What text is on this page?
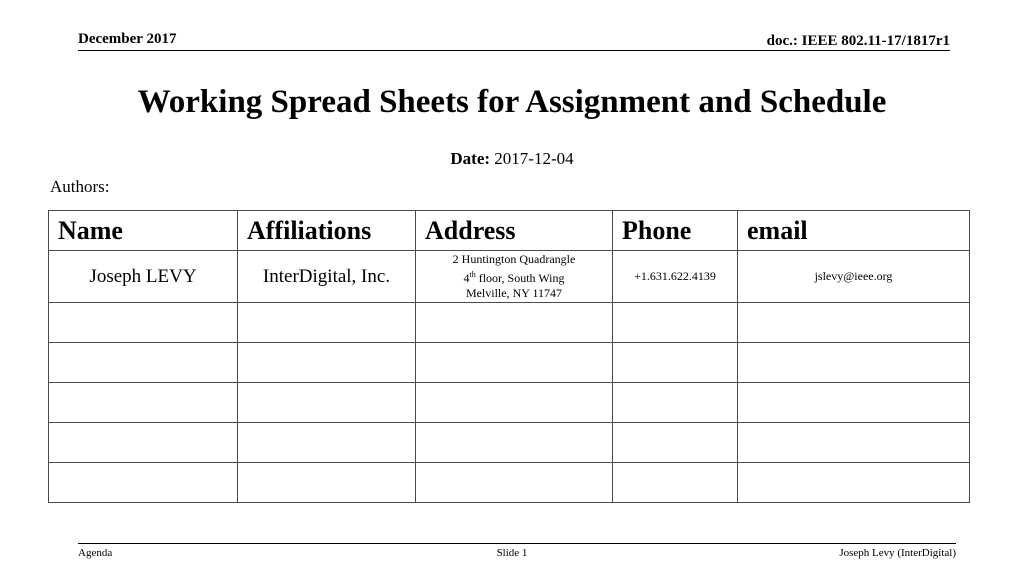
December 2017	doc.: IEEE 802.11-17/1817r1
Working Spread Sheets for Assignment and Schedule
Date: 2017-12-04
Authors:
Name	Affiliations	Address	Phone	email
Joseph LEVY	InterDigital, Inc.	2 Huntington Quadrangle
4th floor, South Wing
Melville, NY 11747	+1.631.622.4139	jslevy@ieee.org

Agenda	Slide 1	Joseph Levy (InterDigital)
